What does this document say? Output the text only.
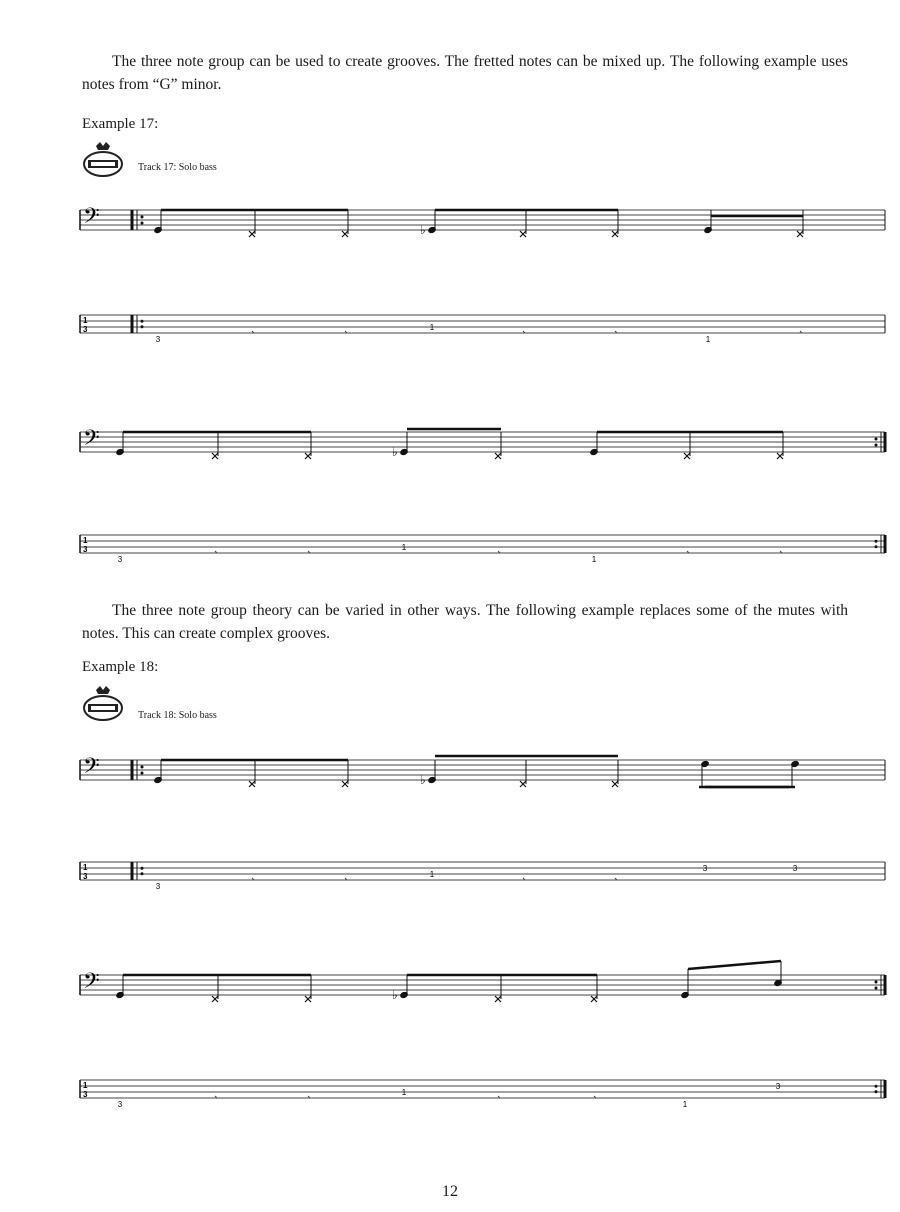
The three note group can be used to create grooves. The fretted notes can be mixed up. The following example uses notes from “G” minor.

Example 17:

Track 17: Solo bass

The three note group theory can be varied in other ways. The following example replaces some of the mutes with notes. This can create complex grooves.

Example 18:

Track 18: Solo bass
𝄢	♭
1
3
3
1
1
𝄢	♭
1
3
3
1
1
𝄢	♭
1
3
3
1
3	3
𝄢	♭
1
3
3
1
1
3
12
